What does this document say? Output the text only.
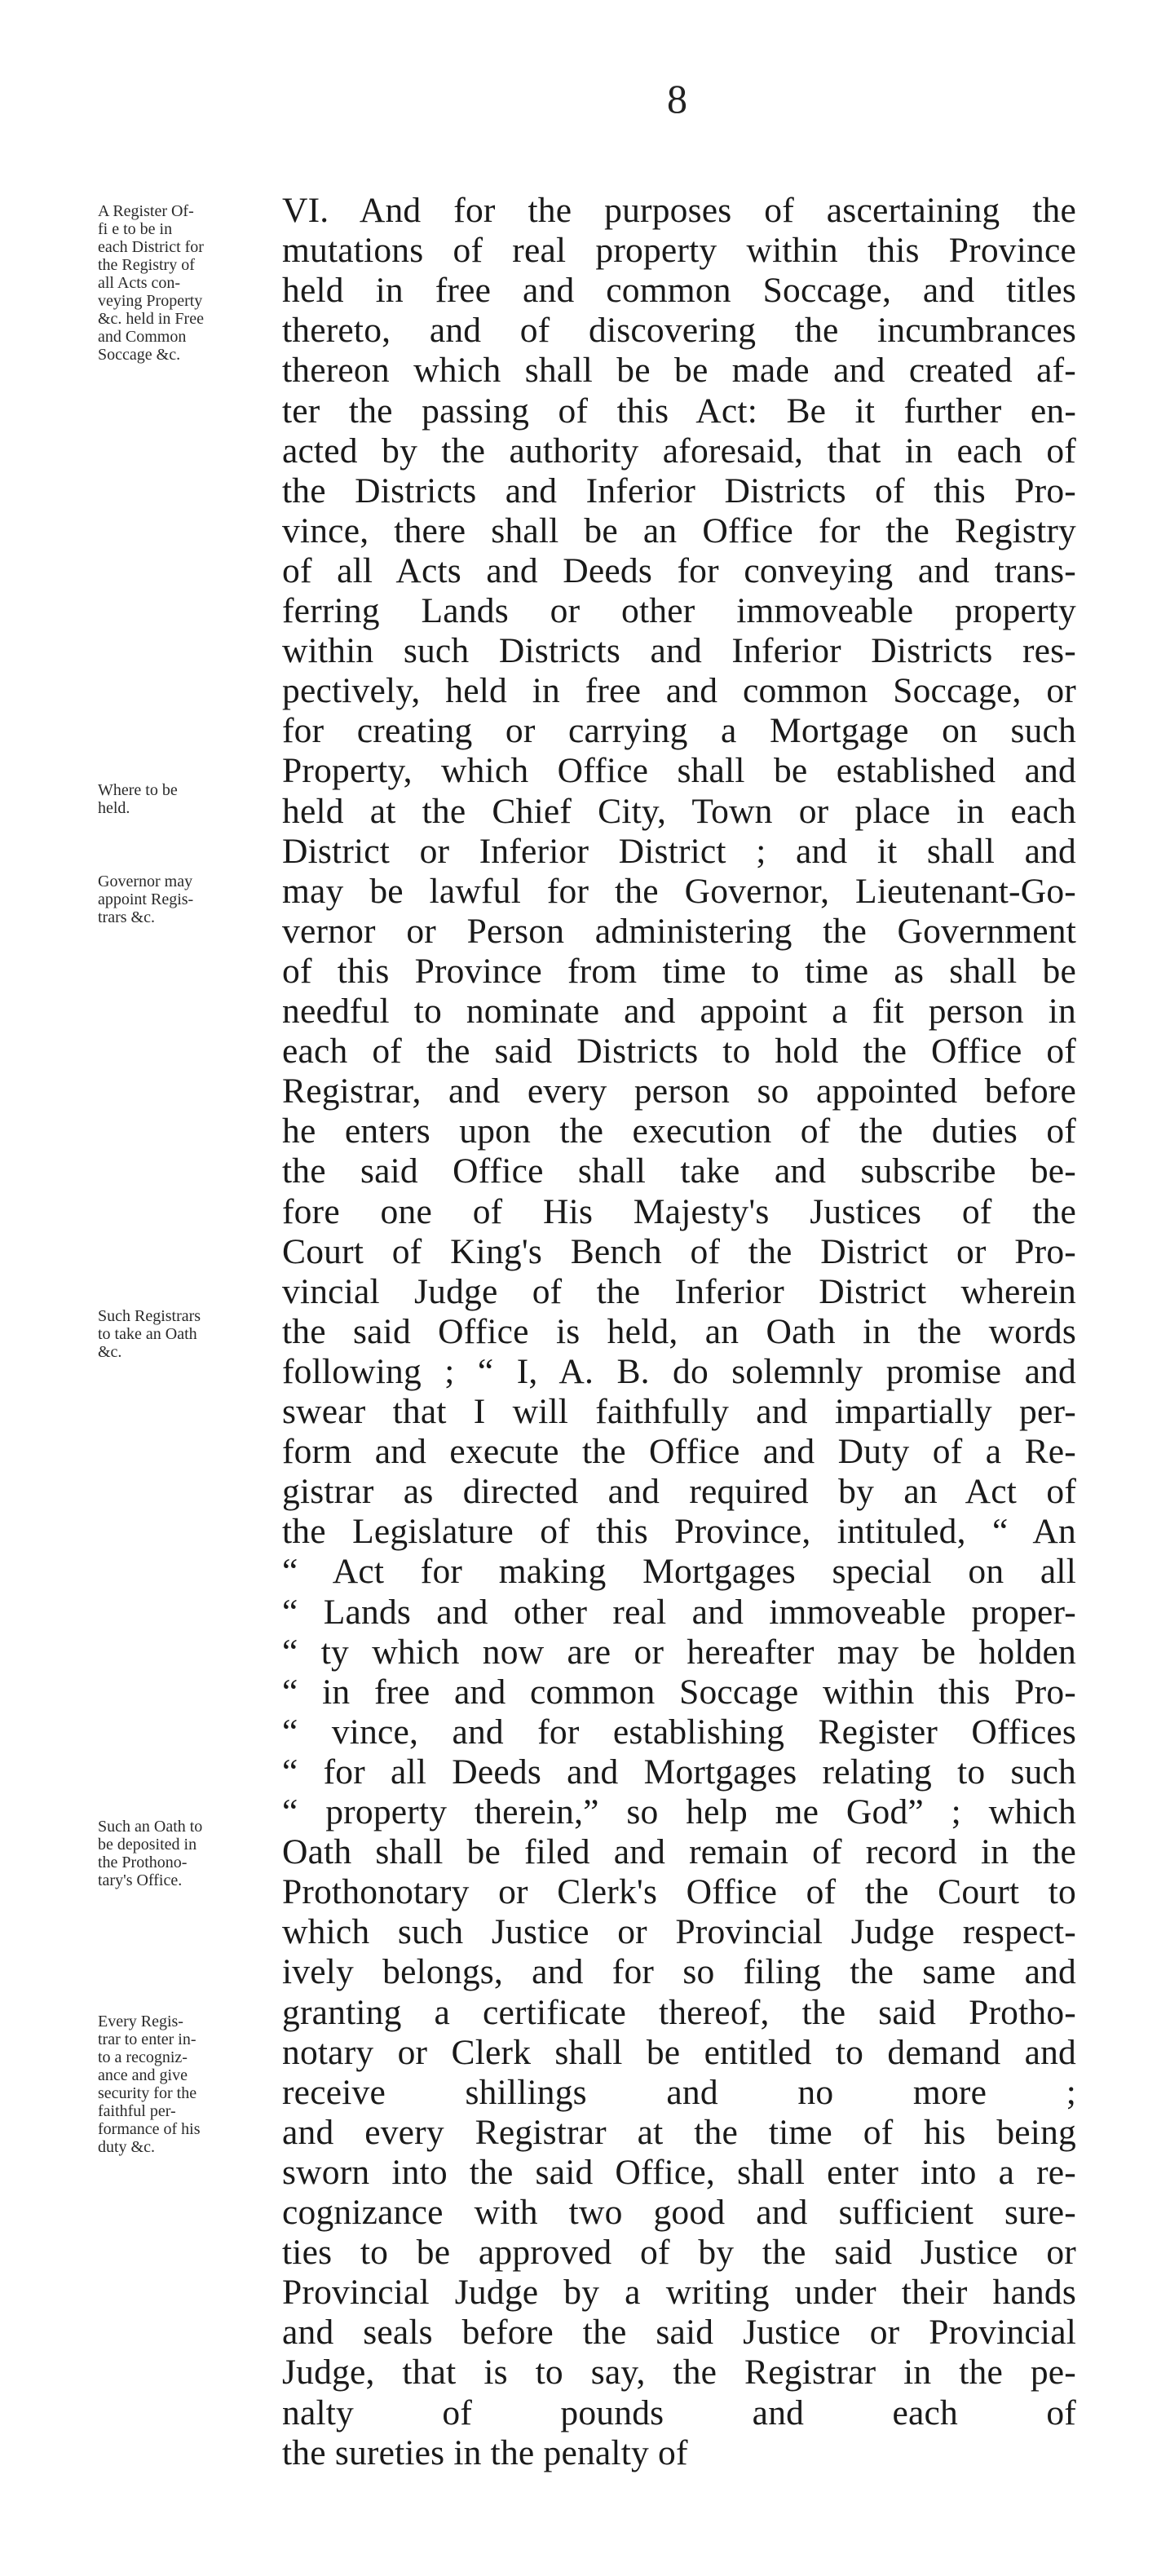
8
A Register Of-
fi e to be in
each District for
the Registry of
all Acts con-
veying Property
&c. held in Free
and Common
Soccage &c.
Where to be
held.
Governor may
appoint Regis-
trars &c.
Such Registrars
to take an Oath
&c.
Such an Oath to
be deposited in
the Prothono-
tary's Office.
Every Regis-
trar to enter in-
to a recogniz-
ance and give
security for the
faithful per-
formance of his
duty &c.
VI. And for the purposes of ascertaining the
mutations of real property within this Province
held in free and common Soccage, and titles
thereto, and of discovering the incumbrances
thereon which shall be be made and created af-
ter the passing of this Act: Be it further en-
acted by the authority aforesaid, that in each of
the Districts and Inferior Districts of this Pro-
vince, there shall be an Office for the Registry
of all Acts and Deeds for conveying and trans-
ferring Lands or other immoveable property
within such Districts and Inferior Districts res-
pectively, held in free and common Soccage, or
for creating or carrying a Mortgage on such
Property, which Office shall be established and
held at the Chief City, Town or place in each
District or Inferior District ; and it shall and
may be lawful for the Governor, Lieutenant-Go-
vernor or Person administering the Government
of this Province from time to time as shall be
needful to nominate and appoint a fit person in
each of the said Districts to hold the Office of
Registrar, and every person so appointed before
he enters upon the execution of the duties of
the said Office shall take and subscribe be-
fore one of His Majesty's Justices of the
Court of King's Bench of the District or Pro-
vincial Judge of the Inferior District wherein
the said Office is held, an Oath in the words
following ; “ I, A. B. do solemnly promise and
swear that I will faithfully and impartially per-
form and execute the Office and Duty of a Re-
gistrar as directed and required by an Act of
the Legislature of this Province, intituled, “ An
“ Act for making Mortgages special on all
“ Lands and other real and immoveable proper-
“ ty which now are or hereafter may be holden
“ in free and common Soccage within this Pro-
“ vince, and for establishing Register Offices
“ for all Deeds and Mortgages relating to such
“ property therein,” so help me God” ; which
Oath shall be filed and remain of record in the
Prothonotary or Clerk's Office of the Court to
which such Justice or Provincial Judge respect-
ively belongs, and for so filing the same and
granting a certificate thereof, the said Protho-
notary or Clerk shall be entitled to demand and
receive shillings and no more ;
and every Registrar at the time of his being
sworn into the said Office, shall enter into a re-
cognizance with two good and sufficient sure-
ties to be approved of by the said Justice or
Provincial Judge by a writing under their hands
and seals before the said Justice or Provincial
Judge, that is to say, the Registrar in the pe-
nalty of pounds and each of
the sureties in the penalty of
